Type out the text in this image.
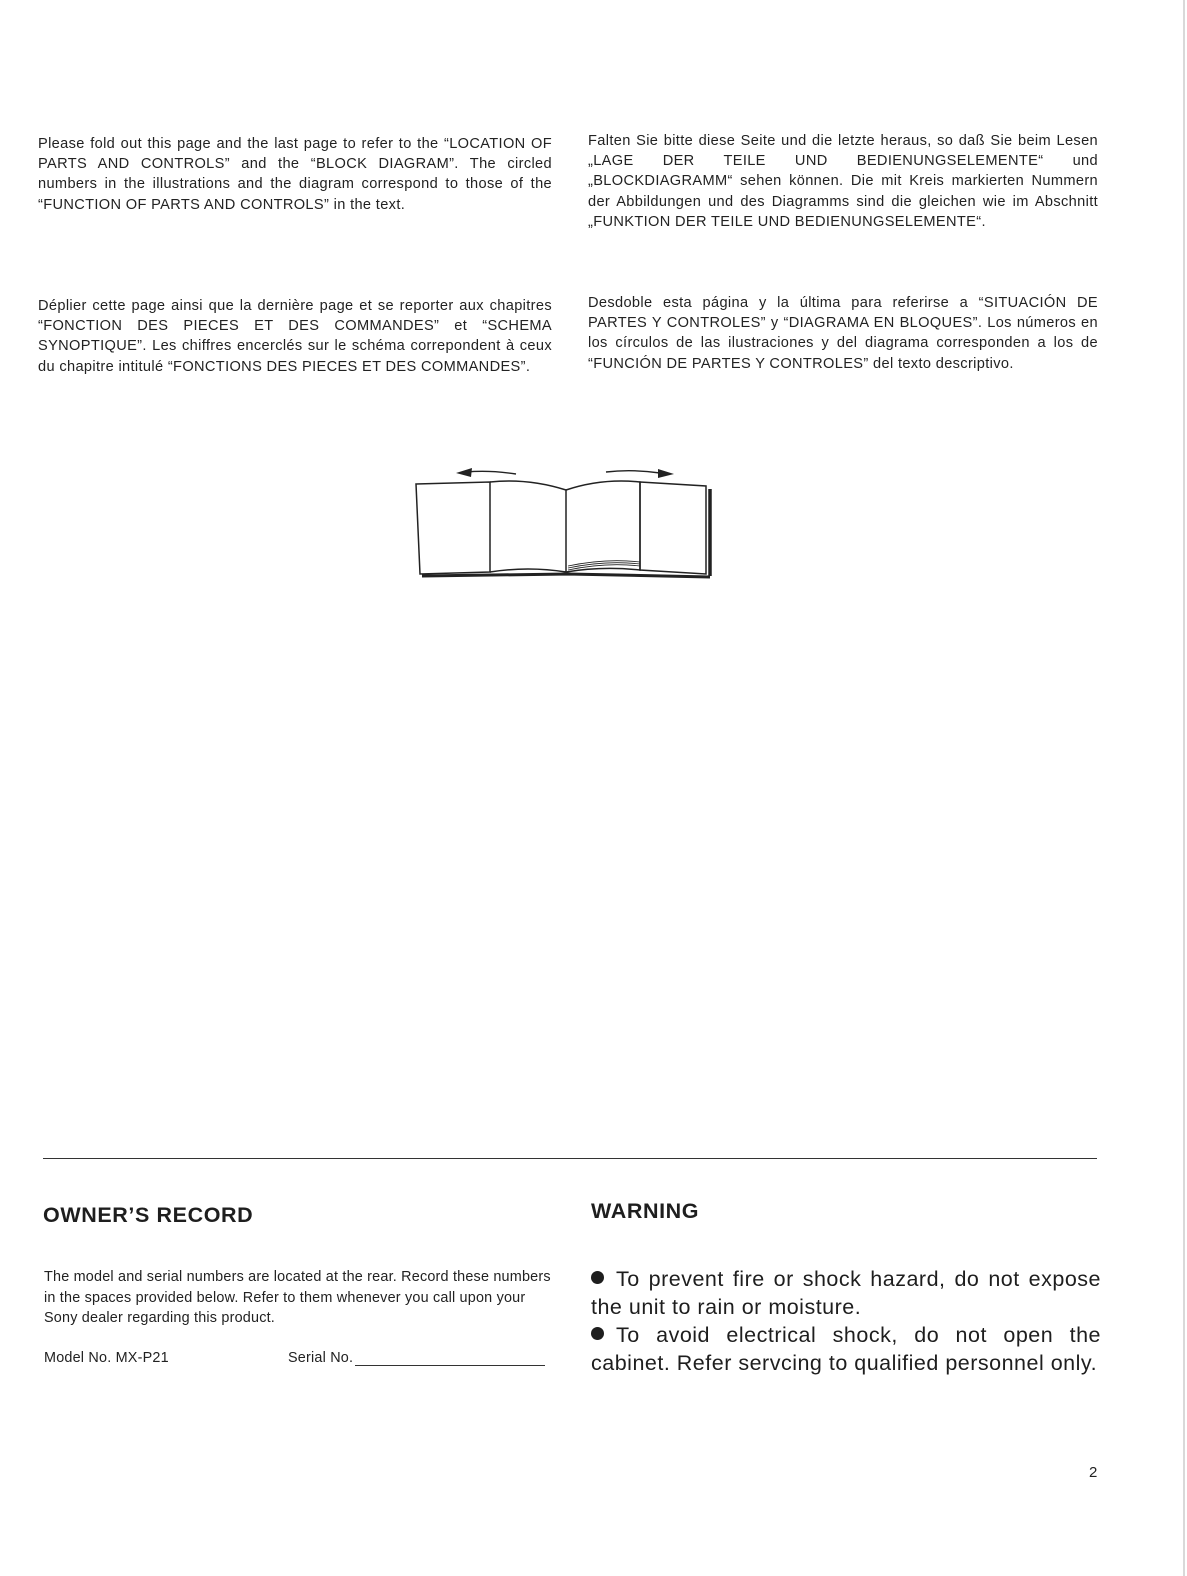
Please fold out this page and the last page to refer to the “LOCATION OF PARTS AND CONTROLS” and the “BLOCK DIAGRAM”. The circled numbers in the illustrations and the diagram correspond to those of the “FUNCTION OF PARTS AND CONTROLS” in the text.

Falten Sie bitte diese Seite und die letzte heraus, so daß Sie beim Lesen „LAGE DER TEILE UND BEDIENUNGSELEMENTE“ und „BLOCKDIAGRAMM“ sehen können. Die mit Kreis markierten Nummern der Abbildungen und des Diagramms sind die gleichen wie im Abschnitt „FUNKTION DER TEILE UND BEDIENUNGSELEMENTE“.

Déplier cette page ainsi que la dernière page et se reporter aux chapitres “FONCTION DES PIECES ET DES COMMANDES” et “SCHEMA SYNOPTIQUE”. Les chiffres encerclés sur le schéma correpondent à ceux du chapitre intitulé “FONCTIONS DES PIECES ET DES COMMANDES”.

Desdoble esta página y la última para referirse a “SITUACIÓN DE PARTES Y CONTROLES” y “DIAGRAMA EN BLOQUES”. Los números en los círculos de las ilustraciones y del diagrama corresponden a los de “FUNCIÓN DE PARTES Y CONTROLES” del texto descriptivo.

OWNER’S RECORD	WARNING

The model and serial numbers are located at the rear. Record these numbers in the spaces provided below. Refer to them whenever you call upon your Sony dealer regarding this product.

Model No. MX-P21	Serial No.
To prevent fire or shock hazard, do not expose the unit to rain or moisture.
To avoid electrical shock, do not open the cabinet. Refer servcing to qualified personnel only.
2
